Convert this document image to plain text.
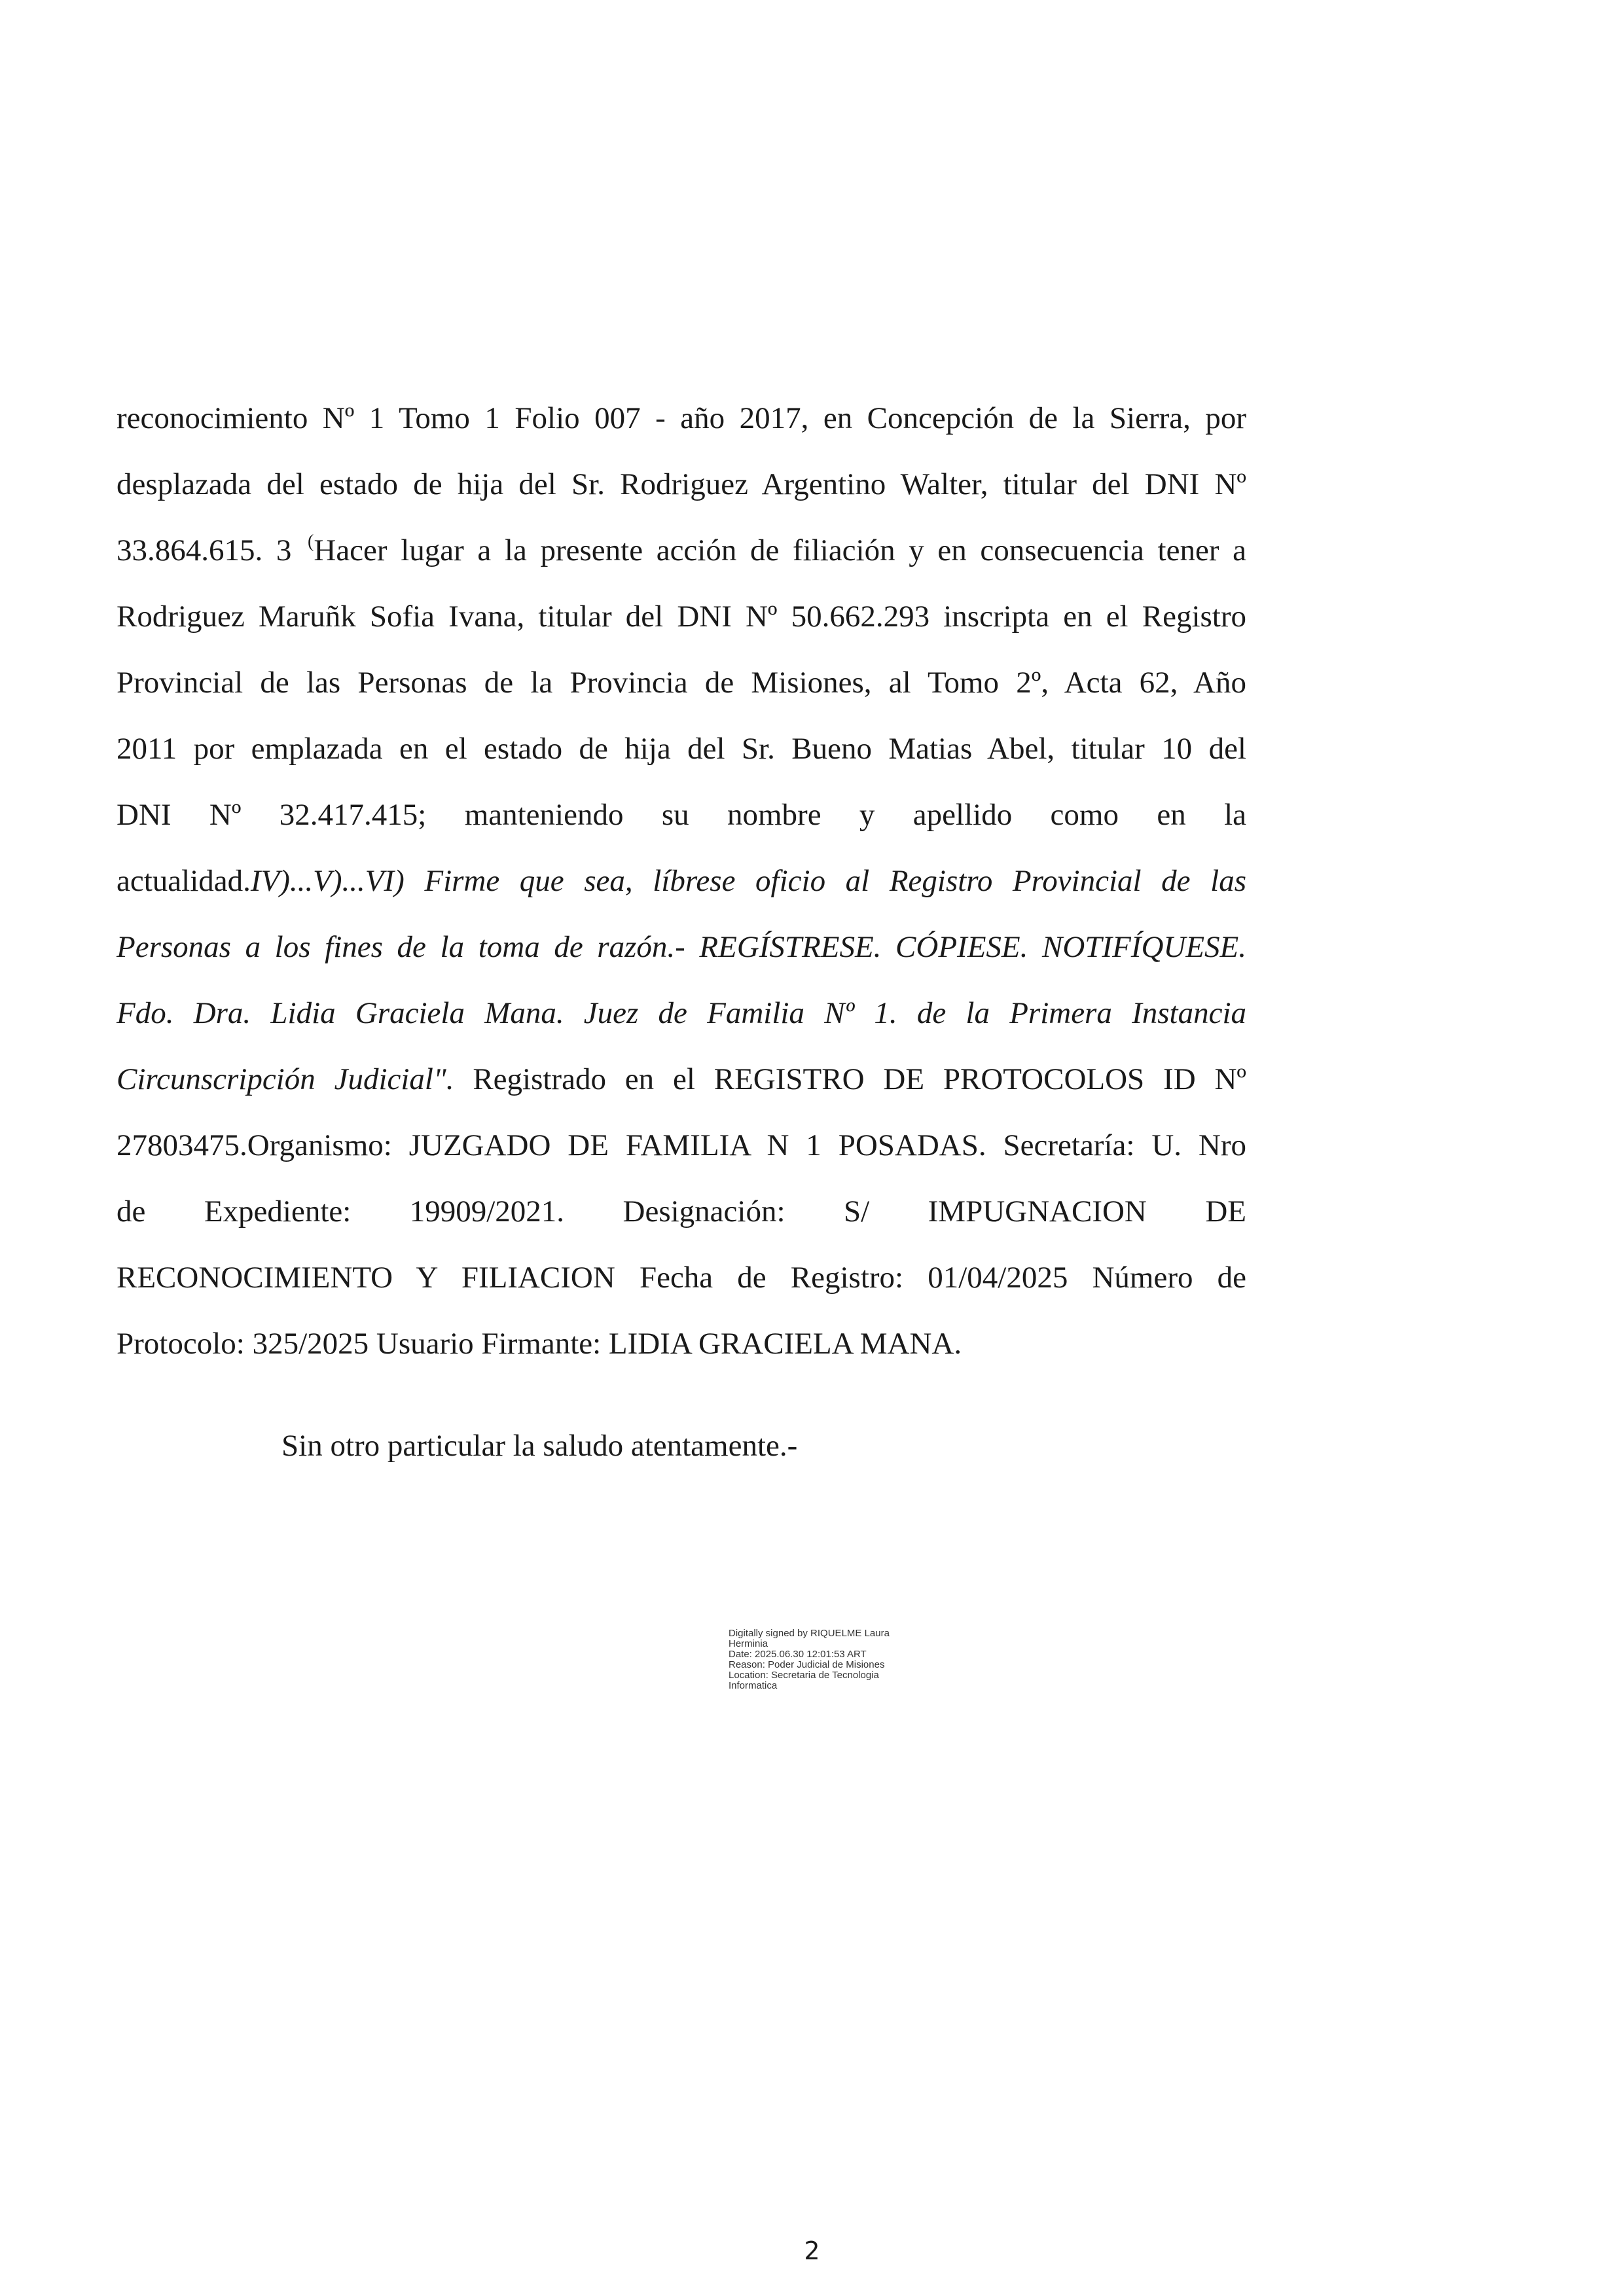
reconocimiento Nº 1 Tomo 1 Folio 007 - año 2017, en Concepción de la Sierra, por

desplazada del estado de hija del Sr. Rodriguez Argentino Walter, titular del DNI Nº

33.864.615. 3 (Hacer lugar a la presente acción de filiación y en consecuencia tener a

Rodriguez Maruñk Sofia Ivana, titular del DNI Nº 50.662.293 inscripta en el Registro

Provincial de las Personas de la Provincia de Misiones, al Tomo 2º, Acta 62, Año

2011 por emplazada en el estado de hija del Sr. Bueno Matias Abel, titular 10 del

DNI Nº 32.417.415; manteniendo su nombre y apellido como en la

actualidad.IV)...V)...VI) Firme que sea, líbrese oficio al Registro Provincial de las

Personas a los fines de la toma de razón.- REGÍSTRESE. CÓPIESE. NOTIFÍQUESE.

Fdo. Dra. Lidia Graciela Mana. Juez de Familia Nº 1. de la Primera Instancia

Circunscripción Judicial". Registrado en el REGISTRO DE PROTOCOLOS ID Nº

27803475.Organismo: JUZGADO DE FAMILIA N 1 POSADAS. Secretaría: U. Nro

de Expediente: 19909/2021. Designación: S/ IMPUGNACION DE

RECONOCIMIENTO Y FILIACION Fecha de Registro: 01/04/2025 Número de

Protocolo: 325/2025 Usuario Firmante: LIDIA GRACIELA MANA.

Sin otro particular la saludo atentamente.-

Digitally signed by RIQUELME Laura
Herminia
Date: 2025.06.30 12:01:53 ART
Reason: Poder Judicial de Misiones
Location: Secretaria de Tecnologia
Informatica
2
